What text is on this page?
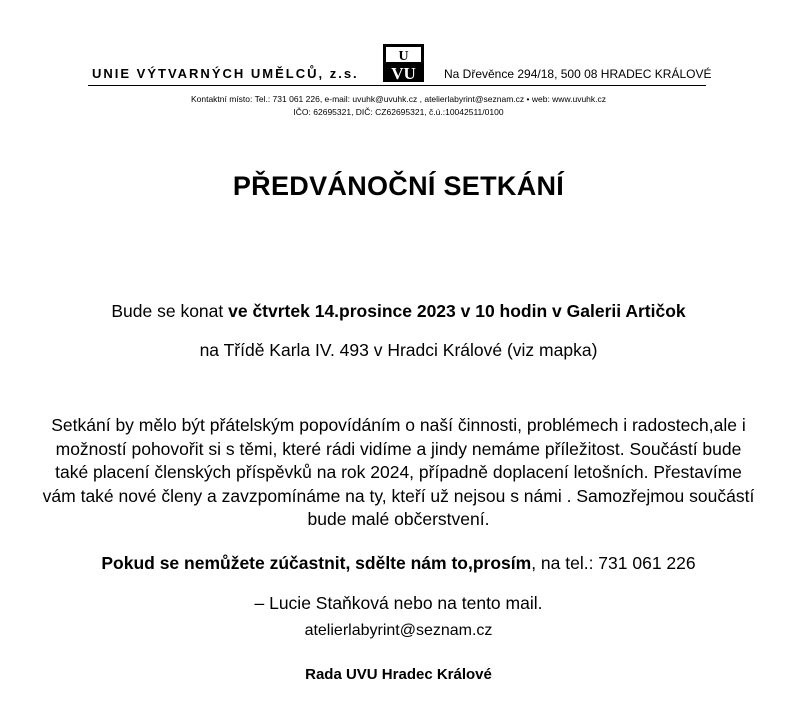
UNIE VÝTVARNÝCH UMĚLCŮ, z.s.
U
VU Na Dřevěnce 294/18, 500 08 HRADEC KRÁLOVÉ
Kontaktní místo: Tel.: 731 061 226, e-mail: uvuhk@uvuhk.cz , atelierlabyrint@seznam.cz • web: www.uvuhk.cz
IČO: 62695321, DIČ: CZ62695321, č.ú.:10042511/0100
PŘEDVÁNOČNÍ SETKÁNÍ
Bude se konat ve čtvrtek 14.prosince 2023 v 10 hodin v Galerii Artičok
na Třídě Karla IV. 493 v Hradci Králové (viz mapka)
Setkání by mělo být přátelským popovídáním o naší činnosti, problémech i radostech,ale i možností pohovořit si s těmi, které rádi vidíme a jindy nemáme příležitost. Součástí bude také placení členských příspěvků na rok 2024, případně doplacení letošních. Přestavíme vám také nové členy a zavzpomínáme na ty, kteří už nejsou s námi . Samozřejmou součástí bude malé občerstvení.
Pokud se nemůžete zúčastnit, sdělte nám to,prosím, na tel.: 731 061 226
– Lucie Staňková nebo na tento mail.
atelierlabyrint@seznam.cz
Rada UVU Hradec Králové
